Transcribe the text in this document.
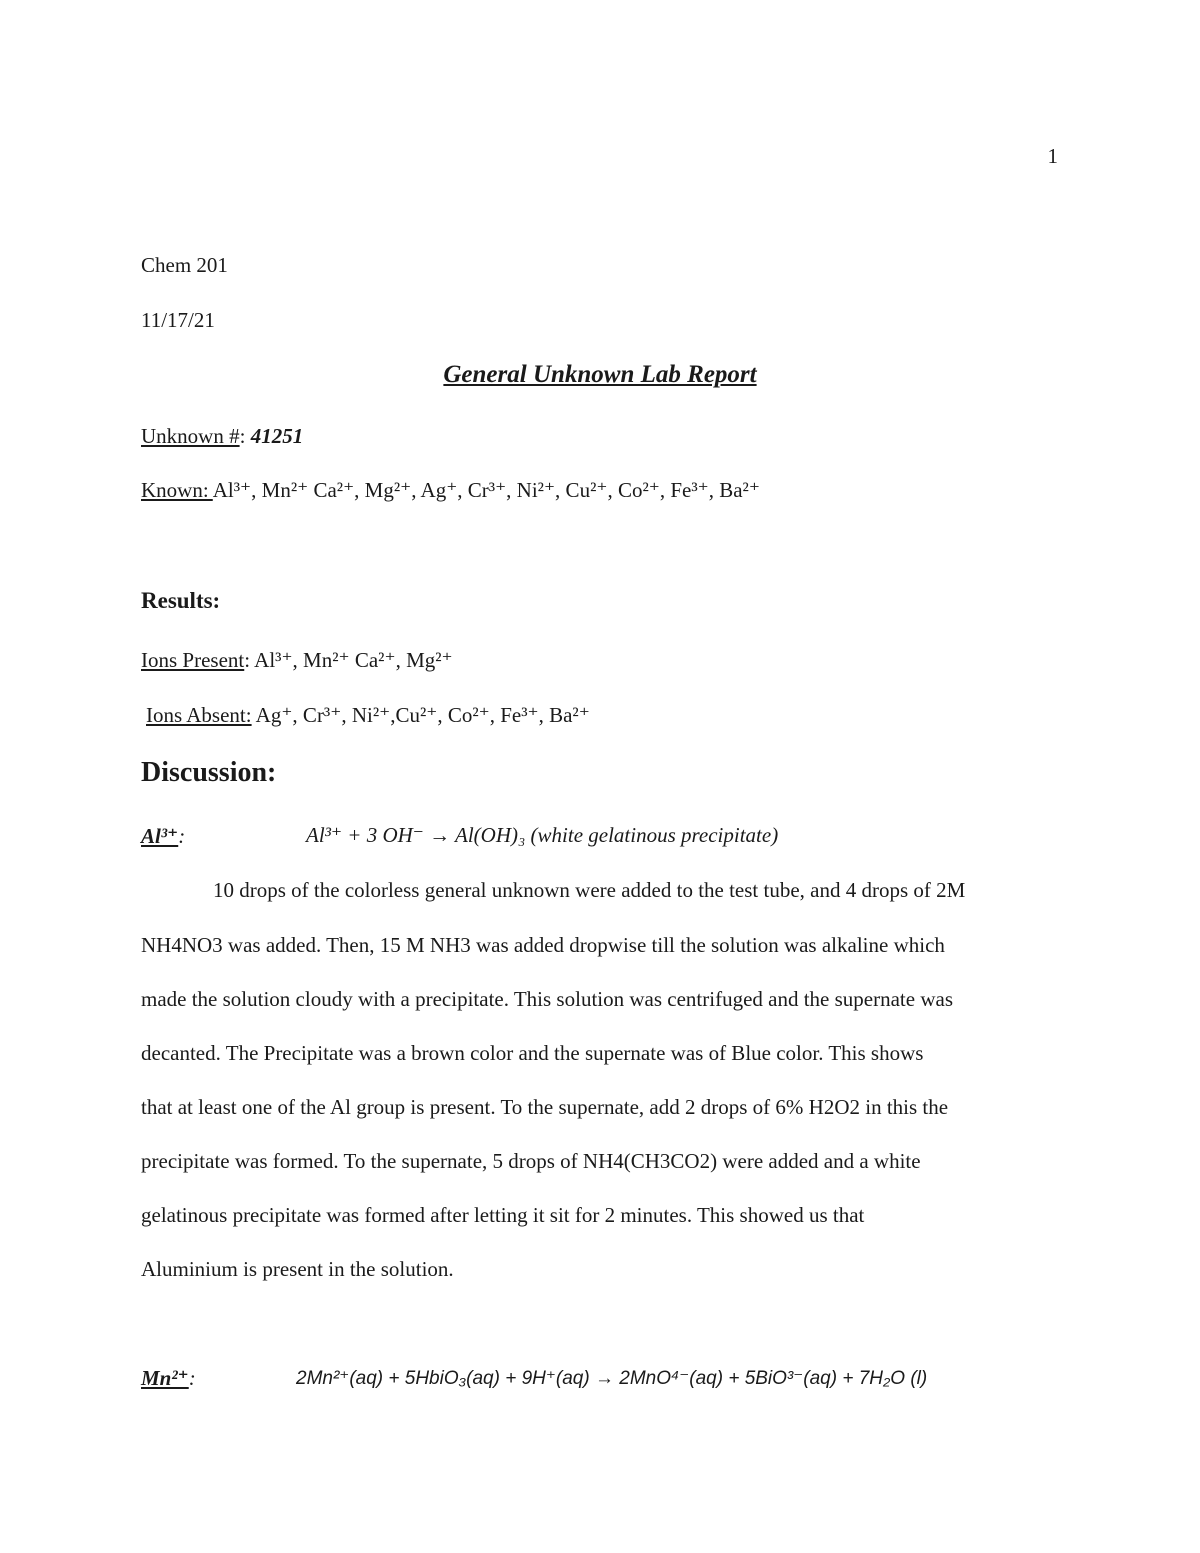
1
Chem 201
11/17/21
General Unknown Lab Report
Unknown #: 41251
Known: Al³⁺, Mn²⁺ Ca²⁺, Mg²⁺, Ag⁺, Cr³⁺, Ni²⁺, Cu²⁺, Co²⁺, Fe³⁺, Ba²⁺
Results:
Ions Present: Al³⁺, Mn²⁺ Ca²⁺, Mg²⁺
Ions Absent: Ag⁺, Cr³⁺, Ni²⁺,Cu²⁺, Co²⁺, Fe³⁺, Ba²⁺
Discussion:
Al³⁺:	Al³⁺ + 3 OH⁻ → Al(OH)₃ (white gelatinous precipitate)
10 drops of the colorless general unknown were added to the test tube, and 4 drops of 2M
NH4NO3 was added. Then, 15 M NH3 was added dropwise till the solution was alkaline which
made the solution cloudy with a precipitate. This solution was centrifuged and the supernate was
decanted. The Precipitate was a brown color and the supernate was of Blue color. This shows
that at least one of the Al group is present. To the supernate, add 2 drops of 6% H2O2 in this the
precipitate was formed. To the supernate, 5 drops of NH4(CH3CO2) were added and a white
gelatinous precipitate was formed after letting it sit for 2 minutes. This showed us that
Aluminium is present in the solution.
Mn²⁺:	2Mn²⁺(aq) + 5HbiO₃(aq) + 9H⁺(aq) → 2MnO⁴⁻(aq) + 5BiO³⁻(aq) + 7H₂O (l)
